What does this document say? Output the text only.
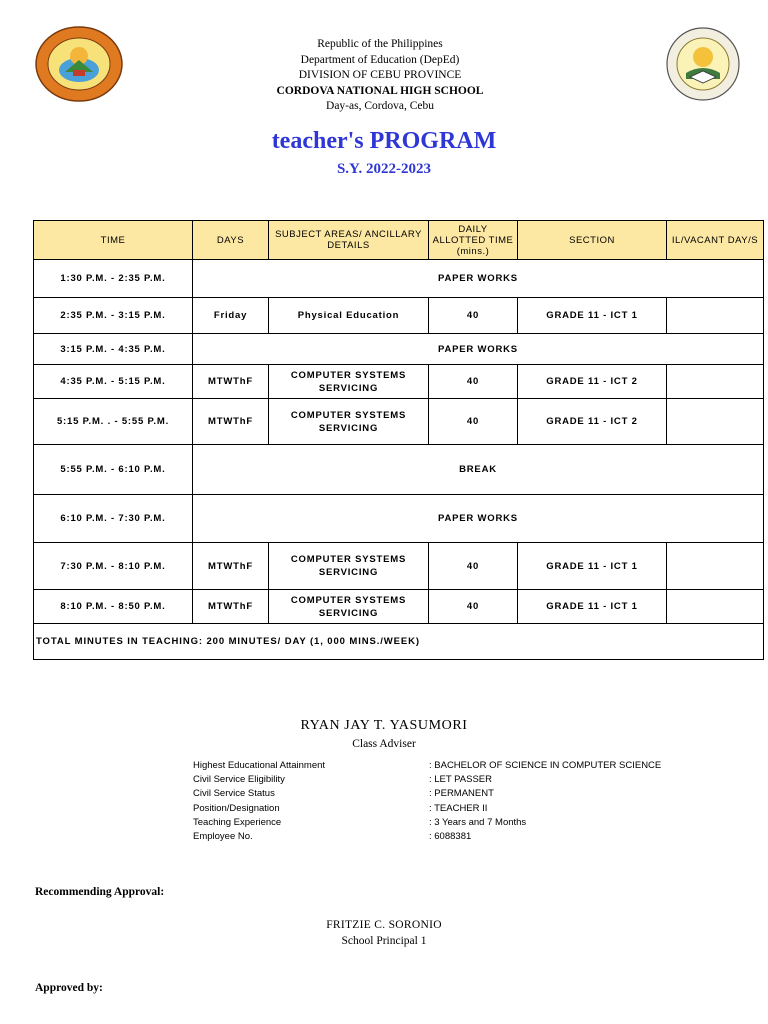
Republic of the Philippines
Department of Education (DepEd)
DIVISION OF CEBU PROVINCE
CORDOVA NATIONAL HIGH SCHOOL
Day-as, Cordova, Cebu
teacher's PROGRAM
S.Y. 2022-2023
TIME	DAYS	SUBJECT AREAS/ ANCILLARY DETAILS	DAILY ALLOTTED TIME (mins.)	SECTION	IL/VACANT DAY/S
1:30 P.M. - 2:35 P.M.	PAPER WORKS				
2:35 P.M. - 3:15 P.M.	Friday	Physical Education	40	GRADE 11 - ICT 1	
3:15 P.M. - 4:35 P.M.	PAPER WORKS				
4:35 P.M. - 5:15 P.M.	MTWThF	COMPUTER SYSTEMS SERVICING	40	GRADE 11 - ICT 2	
5:15 P.M. . - 5:55 P.M.	MTWThF	COMPUTER SYSTEMS SERVICING	40	GRADE 11 - ICT 2	
5:55 P.M. - 6:10 P.M.	BREAK				
6:10 P.M. - 7:30 P.M.	PAPER WORKS				
7:30 P.M. - 8:10 P.M.	MTWThF	COMPUTER SYSTEMS SERVICING	40	GRADE 11 - ICT 1	
8:10 P.M. - 8:50 P.M.	MTWThF	COMPUTER SYSTEMS SERVICING	40	GRADE 11 - ICT 1	
TOTAL MINUTES IN TEACHING: 200 MINUTES/ DAY (1, 000 MINS./WEEK)					
RYAN JAY T. YASUMORI
Class Adviser
Highest Educational Attainment	: BACHELOR OF SCIENCE IN COMPUTER SCIENCE
Civil Service Eligibility	: LET PASSER
Civil Service Status	: PERMANENT
Position/Designation	: TEACHER II
Teaching Experience	: 3 Years and 7 Months
Employee No.	: 6088381
Recommending Approval:
FRITZIE C. SORONIO
School Principal 1
Approved by:
